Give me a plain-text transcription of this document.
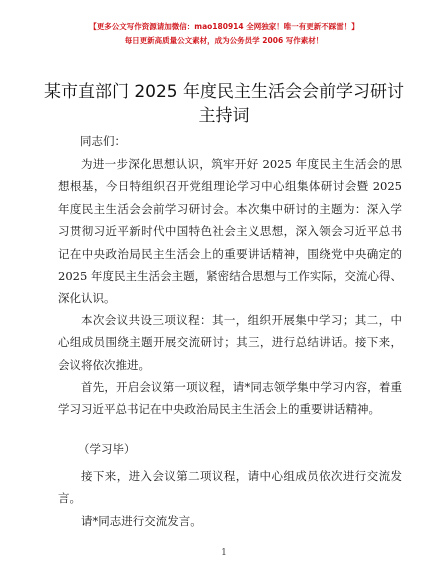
【更多公文写作资源请加微信：mao180914 全网独家！唯一有更新不踩雷！】
每日更新高质量公文素材，成为公务员学 2006 写作素材！
某市直部门 2025 年度民主生活会会前学习研讨
主持词

同志们：

为进一步深化思想认识，筑牢开好 2025 年度民主生活会的思想根基，今日特组织召开党组理论学习中心组集体研讨会暨 2025 年度民主生活会会前学习研讨会。本次集中研讨的主题为：深入学习贯彻习近平新时代中国特色社会主义思想，深入领会习近平总书记在中央政治局民主生活会上的重要讲话精神，围绕党中央确定的 2025 年度民主生活会主题，紧密结合思想与工作实际，交流心得、深化认识。

本次会议共设三项议程：其一，组织开展集中学习；其二，中心组成员围绕主题开展交流研讨；其三，进行总结讲话。接下来，会议将依次推进。

首先，开启会议第一项议程，请*同志领学集中学习内容，着重学习习近平总书记在中央政治局民主生活会上的重要讲话精神。

（学习毕）

接下来，进入会议第二项议程，请中心组成员依次进行交流发言。

请*同志进行交流发言。

1
